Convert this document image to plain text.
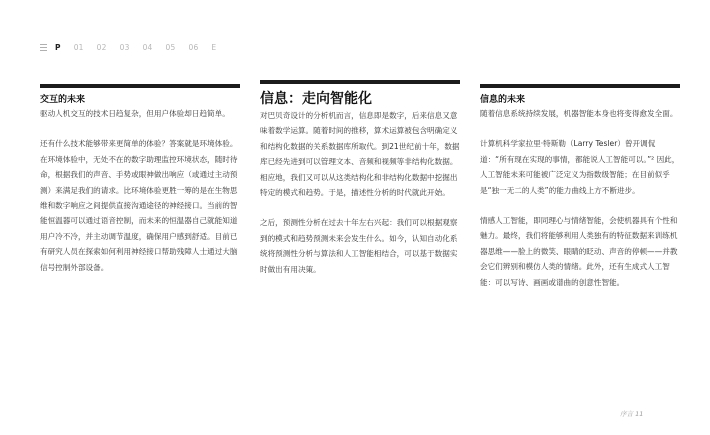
P 01 02 03 04 05 06 E
交互的未来

驱动人机交互的技术日趋复杂，但用户体验却日趋简单。

还有什么技术能够带来更简单的体验？答案就是环境体验。在环境体验中，无处不在的数字助理监控环境状态，随时待命，根据我们的声音、手势或眼神做出响应（或通过主动预测）来满足我们的请求。比环境体验更胜一筹的是在生物思维和数字响应之间提供直接沟通途径的神经接口。当前的智能恒温器可以通过语音控制，而未来的恒温器自己就能知道用户冷不冷，并主动调节温度，确保用户感到舒适。目前已有研究人员在探索如何利用神经接口帮助残障人士通过大脑信号控制外部设备。

信息：走向智能化

对巴贝奇设计的分析机而言，信息即是数字，后来信息又意味着数学运算。随着时间的推移，算术运算被包含明确定义和结构化数据的关系数据库所取代。到21世纪前十年，数据库已经先进到可以管理文本、音频和视频等非结构化数据。相应地，我们又可以从这类结构化和非结构化数据中挖掘出特定的模式和趋势。于是，描述性分析的时代就此开始。

之后，预测性分析在过去十年左右兴起：我们可以根据观察到的模式和趋势预测未来会发生什么。如今，认知自动化系统将预测性分析与算法和人工智能相结合，可以基于数据实时做出有用决策。

信息的未来

随着信息系统持续发展，机器智能本身也将变得愈发全面。

计算机科学家拉里·特斯勒（Larry Tesler）曾开调侃道：“所有现在实现的事情，都能说人工智能可以。”² 因此，人工智能未来可能被广泛定义为指数级智能；在目前似乎是“独一无二的人类”的能力曲线上方不断进步。

情感人工智能，即同理心与情绪智能，会使机器具有个性和魅力。最终，我们将能够利用人类独有的特征数据来训练机器思维——脸上的微笑、眼睛的眨动、声音的停顿——并教会它们辨别和模仿人类的情绪。此外，还有生成式人工智能：可以写诗、画画或谱曲的创意性智能。

序言 11
